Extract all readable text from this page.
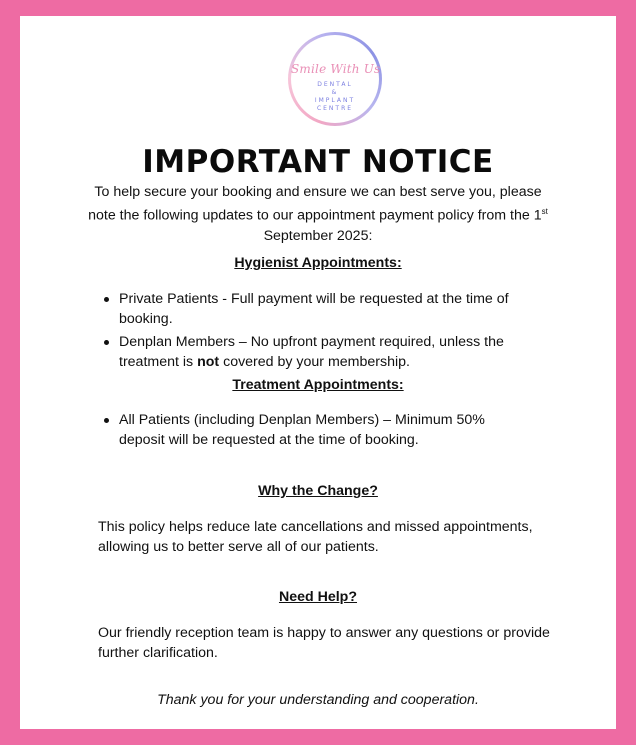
Smile With Us
DENTAL
&
IMPLANT
CENTRE
IMPORTANT NOTICE
To help secure your booking and ensure we can best serve you, please note the following updates to our appointment payment policy from the 1st
September 2025:
Hygienist Appointments:
Private Patients - Full payment will be requested at the time of booking.
Denplan Members – No upfront payment required, unless the treatment is not covered by your membership.
Treatment Appointments:
All Patients (including Denplan Members) – Minimum 50% deposit will be requested at the time of booking.
Why the Change?
This policy helps reduce late cancellations and missed appointments, allowing us to better serve all of our patients.
Need Help?
Our friendly reception team is happy to answer any questions or provide further clarification.
Thank you for your understanding and cooperation.
